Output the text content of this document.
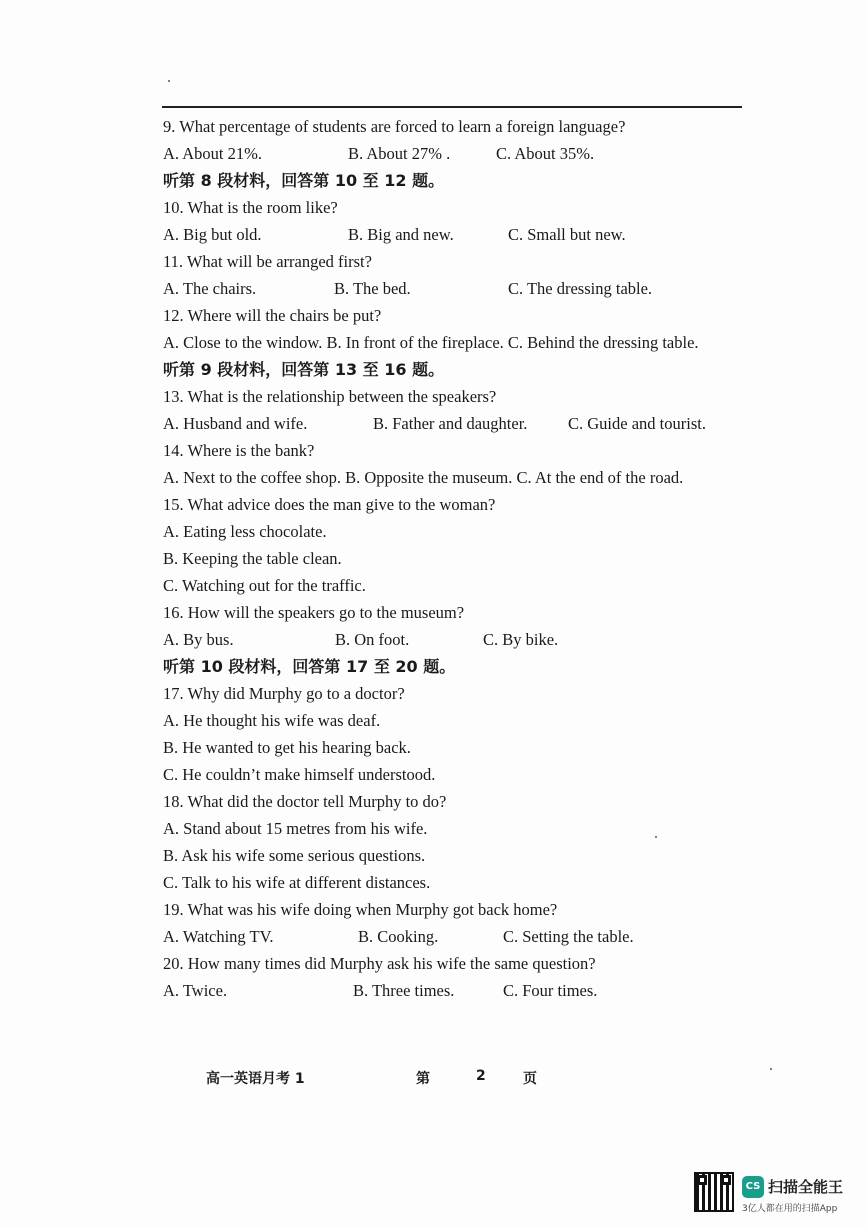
9. What percentage of students are forced to learn a foreign language?
A. About 21%.	B. About 27% .	C. About 35%.
听第 8 段材料，回答第 10 至 12 题。
10. What is the room like?
A. Big but old.	B. Big and new.	C. Small but new.
11. What will be arranged first?
A. The chairs.	B. The bed.	C. The dressing table.
12. Where will the chairs be put?
A. Close to the window. B. In front of the fireplace. C. Behind the dressing table.
听第 9 段材料，回答第 13 至 16 题。
13. What is the relationship between the speakers?
A. Husband and wife.	B. Father and daughter.	C. Guide and tourist.
14. Where is the bank?
A. Next to the coffee shop. B. Opposite the museum. C. At the end of the road.
15. What advice does the man give to the woman?
A. Eating less chocolate.
B. Keeping the table clean.
C. Watching out for the traffic.
16. How will the speakers go to the museum?
A. By bus.	B. On foot.	C. By bike.
听第 10 段材料，回答第 17 至 20 题。
17. Why did Murphy go to a doctor?
A. He thought his wife was deaf.
B. He wanted to get his hearing back.
C. He couldn’t make himself understood.
18. What did the doctor tell Murphy to do?
A. Stand about 15 metres from his wife.
B. Ask his wife some serious questions.
C. Talk to his wife at different distances.
19. What was his wife doing when Murphy got back home?
A. Watching TV.	B. Cooking.	C. Setting the table.
20. How many times did Murphy ask his wife the same question?
A. Twice.	B. Three times.	C. Four times.
高一英语月考 1	第	2	页
CS 扫描全能王
3亿人都在用的扫描App
